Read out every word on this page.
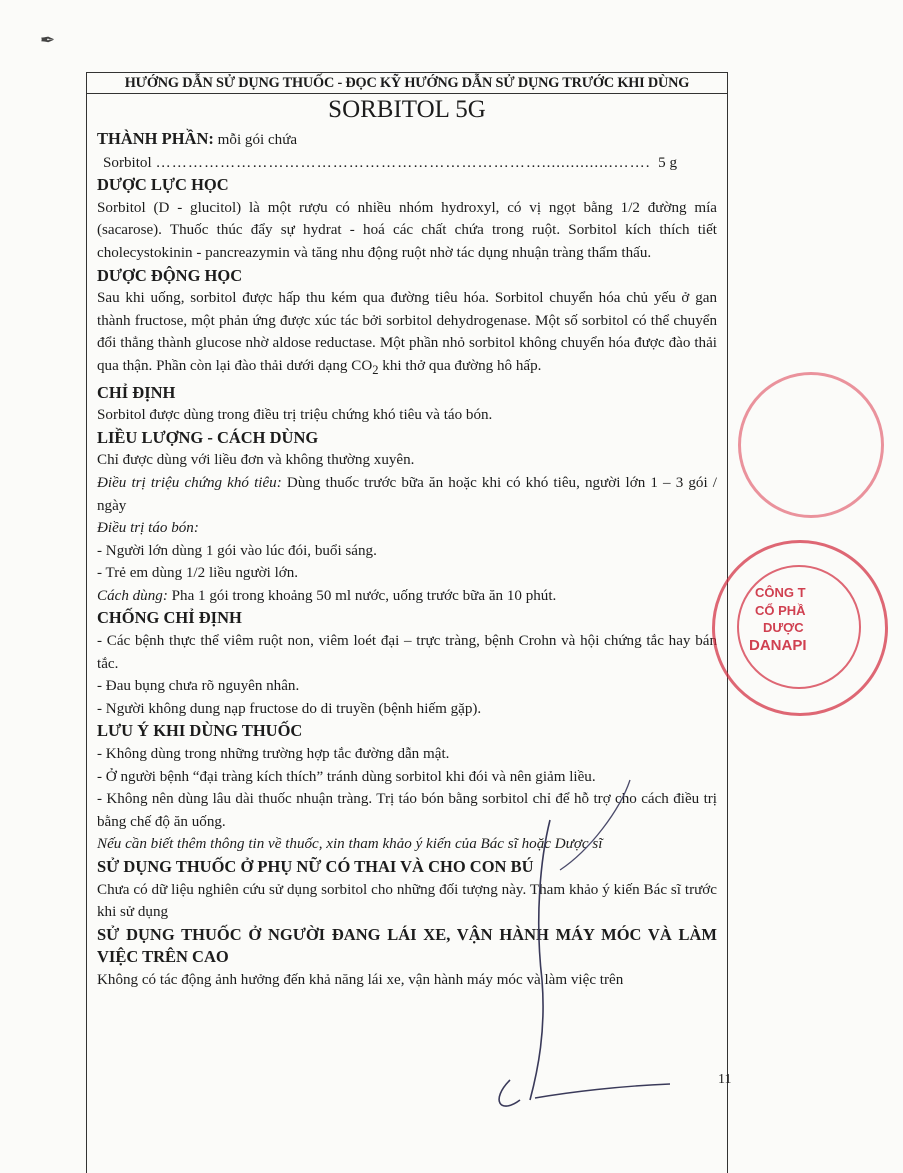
✒
HƯỚNG DẪN SỬ DỤNG THUỐC - ĐỌC KỸ HƯỚNG DẪN SỬ DỤNG TRƯỚC KHI DÙNG
SORBITOL 5G

THÀNH PHẦN: mỗi gói chứa

Sorbitol ………………………………………………………………...............……. 5 g
DƯỢC LỰC HỌC

Sorbitol (D - glucitol) là một rượu có nhiều nhóm hydroxyl, có vị ngọt bằng 1/2 đường mía (sacarose). Thuốc thúc đẩy sự hydrat - hoá các chất chứa trong ruột. Sorbitol kích thích tiết cholecystokinin - pancreazymin và tăng nhu động ruột nhờ tác dụng nhuận tràng thẩm thấu.

DƯỢC ĐỘNG HỌC

Sau khi uống, sorbitol được hấp thu kém qua đường tiêu hóa. Sorbitol chuyển hóa chủ yếu ở gan thành fructose, một phản ứng được xúc tác bởi sorbitol dehydrogenase. Một số sorbitol có thể chuyển đổi thẳng thành glucose nhờ aldose reductase. Một phần nhỏ sorbitol không chuyển hóa được đào thải qua thận. Phần còn lại đào thải dưới dạng $CO_2$ khi thở qua đường hô hấp.

CHỈ ĐỊNH

Sorbitol được dùng trong điều trị triệu chứng khó tiêu và táo bón.

LIỀU LƯỢNG - CÁCH DÙNG

Chỉ được dùng với liều đơn và không thường xuyên.

Điều trị triệu chứng khó tiêu: Dùng thuốc trước bữa ăn hoặc khi có khó tiêu, người lớn 1 – 3 gói / ngày

Điều trị táo bón:

- Người lớn dùng 1 gói vào lúc đói, buổi sáng.

- Trẻ em dùng 1/2 liều người lớn.

Cách dùng: Pha 1 gói trong khoảng 50 ml nước, uống trước bữa ăn 10 phút.

CHỐNG CHỈ ĐỊNH

- Các bệnh thực thể viêm ruột non, viêm loét đại – trực tràng, bệnh Crohn và hội chứng tắc hay bán tắc.

- Đau bụng chưa rõ nguyên nhân.

- Người không dung nạp fructose do di truyền (bệnh hiếm gặp).

LƯU Ý KHI DÙNG THUỐC

- Không dùng trong những trường hợp tắc đường dẫn mật.

- Ở người bệnh “đại tràng kích thích” tránh dùng sorbitol khi đói và nên giảm liều.

- Không nên dùng lâu dài thuốc nhuận tràng. Trị táo bón bằng sorbitol chỉ để hỗ trợ cho cách điều trị bằng chế độ ăn uống.

Nếu cần biết thêm thông tin về thuốc, xin tham khảo ý kiến của Bác sĩ hoặc Dược sĩ

SỬ DỤNG THUỐC Ở PHỤ NỮ CÓ THAI VÀ CHO CON BÚ

Chưa có dữ liệu nghiên cứu sử dụng sorbitol cho những đối tượng này. Tham khảo ý kiến Bác sĩ trước khi sử dụng

SỬ DỤNG THUỐC Ở NGƯỜI ĐANG LÁI XE, VẬN HÀNH MÁY MÓC VÀ LÀM VIỆC TRÊN CAO

Không có tác động ảnh hưởng đến khả năng lái xe, vận hành máy móc và làm việc trên

11
CÔNG T
CỔ PHẦ
DƯỢC
DANAPI
